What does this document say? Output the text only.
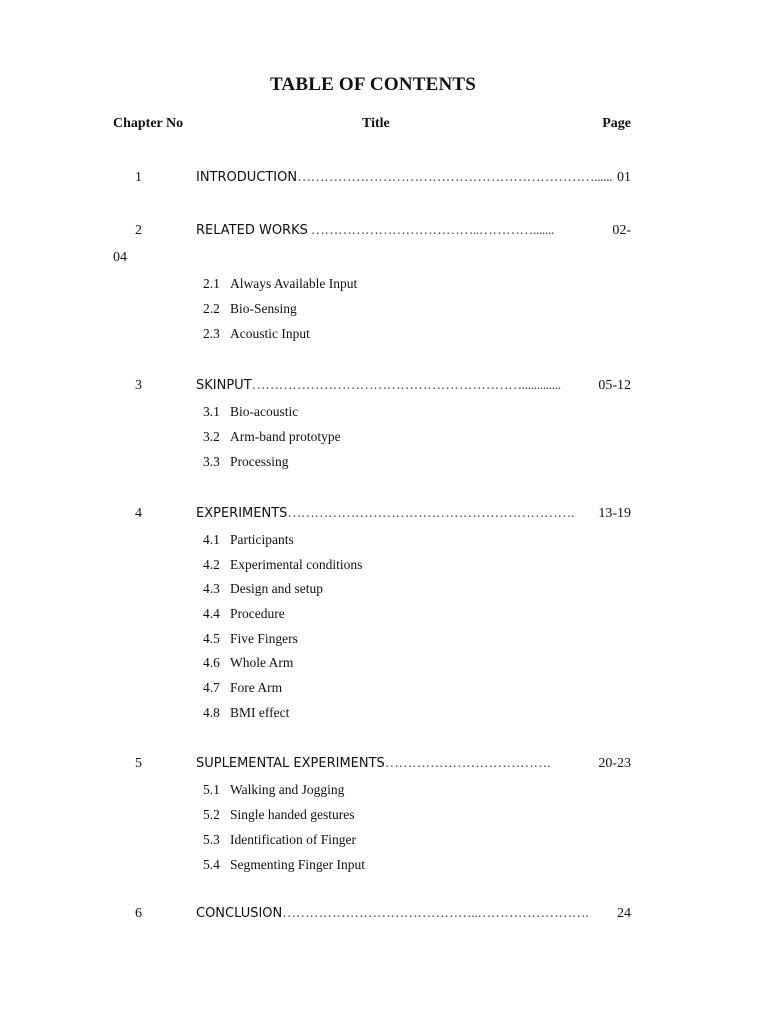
TABLE OF CONTENTS
Chapter No	Title	Page
1	INTRODUCTION…………………………………………………………...... 01
2	RELATED WORKS ………………………………..………….......	02-
04
2.1 Always Available Input
2.2 Bio-Sensing
2.3 Acoustic Input
3	SKINPUT…………………………………………………….............	05-12
3.1 Bio-acoustic
3.2 Arm-band prototype
3.3 Processing
4	EXPERIMENTS……………………………………………………….	13-19
4.1 Participants
4.2 Experimental conditions
4.3 Design and setup
4.4 Procedure
4.5 Five Fingers
4.6 Whole Arm
4.7 Fore Arm
4.8 BMI effect
5	SUPLEMENTAL EXPERIMENTS……………………………….	20-23
5.1 Walking and Jogging
5.2 Single handed gestures
5.3 Identification of Finger
5.4 Segmenting Finger Input
6	CONCLUSION……………………………………..…………………….	24
